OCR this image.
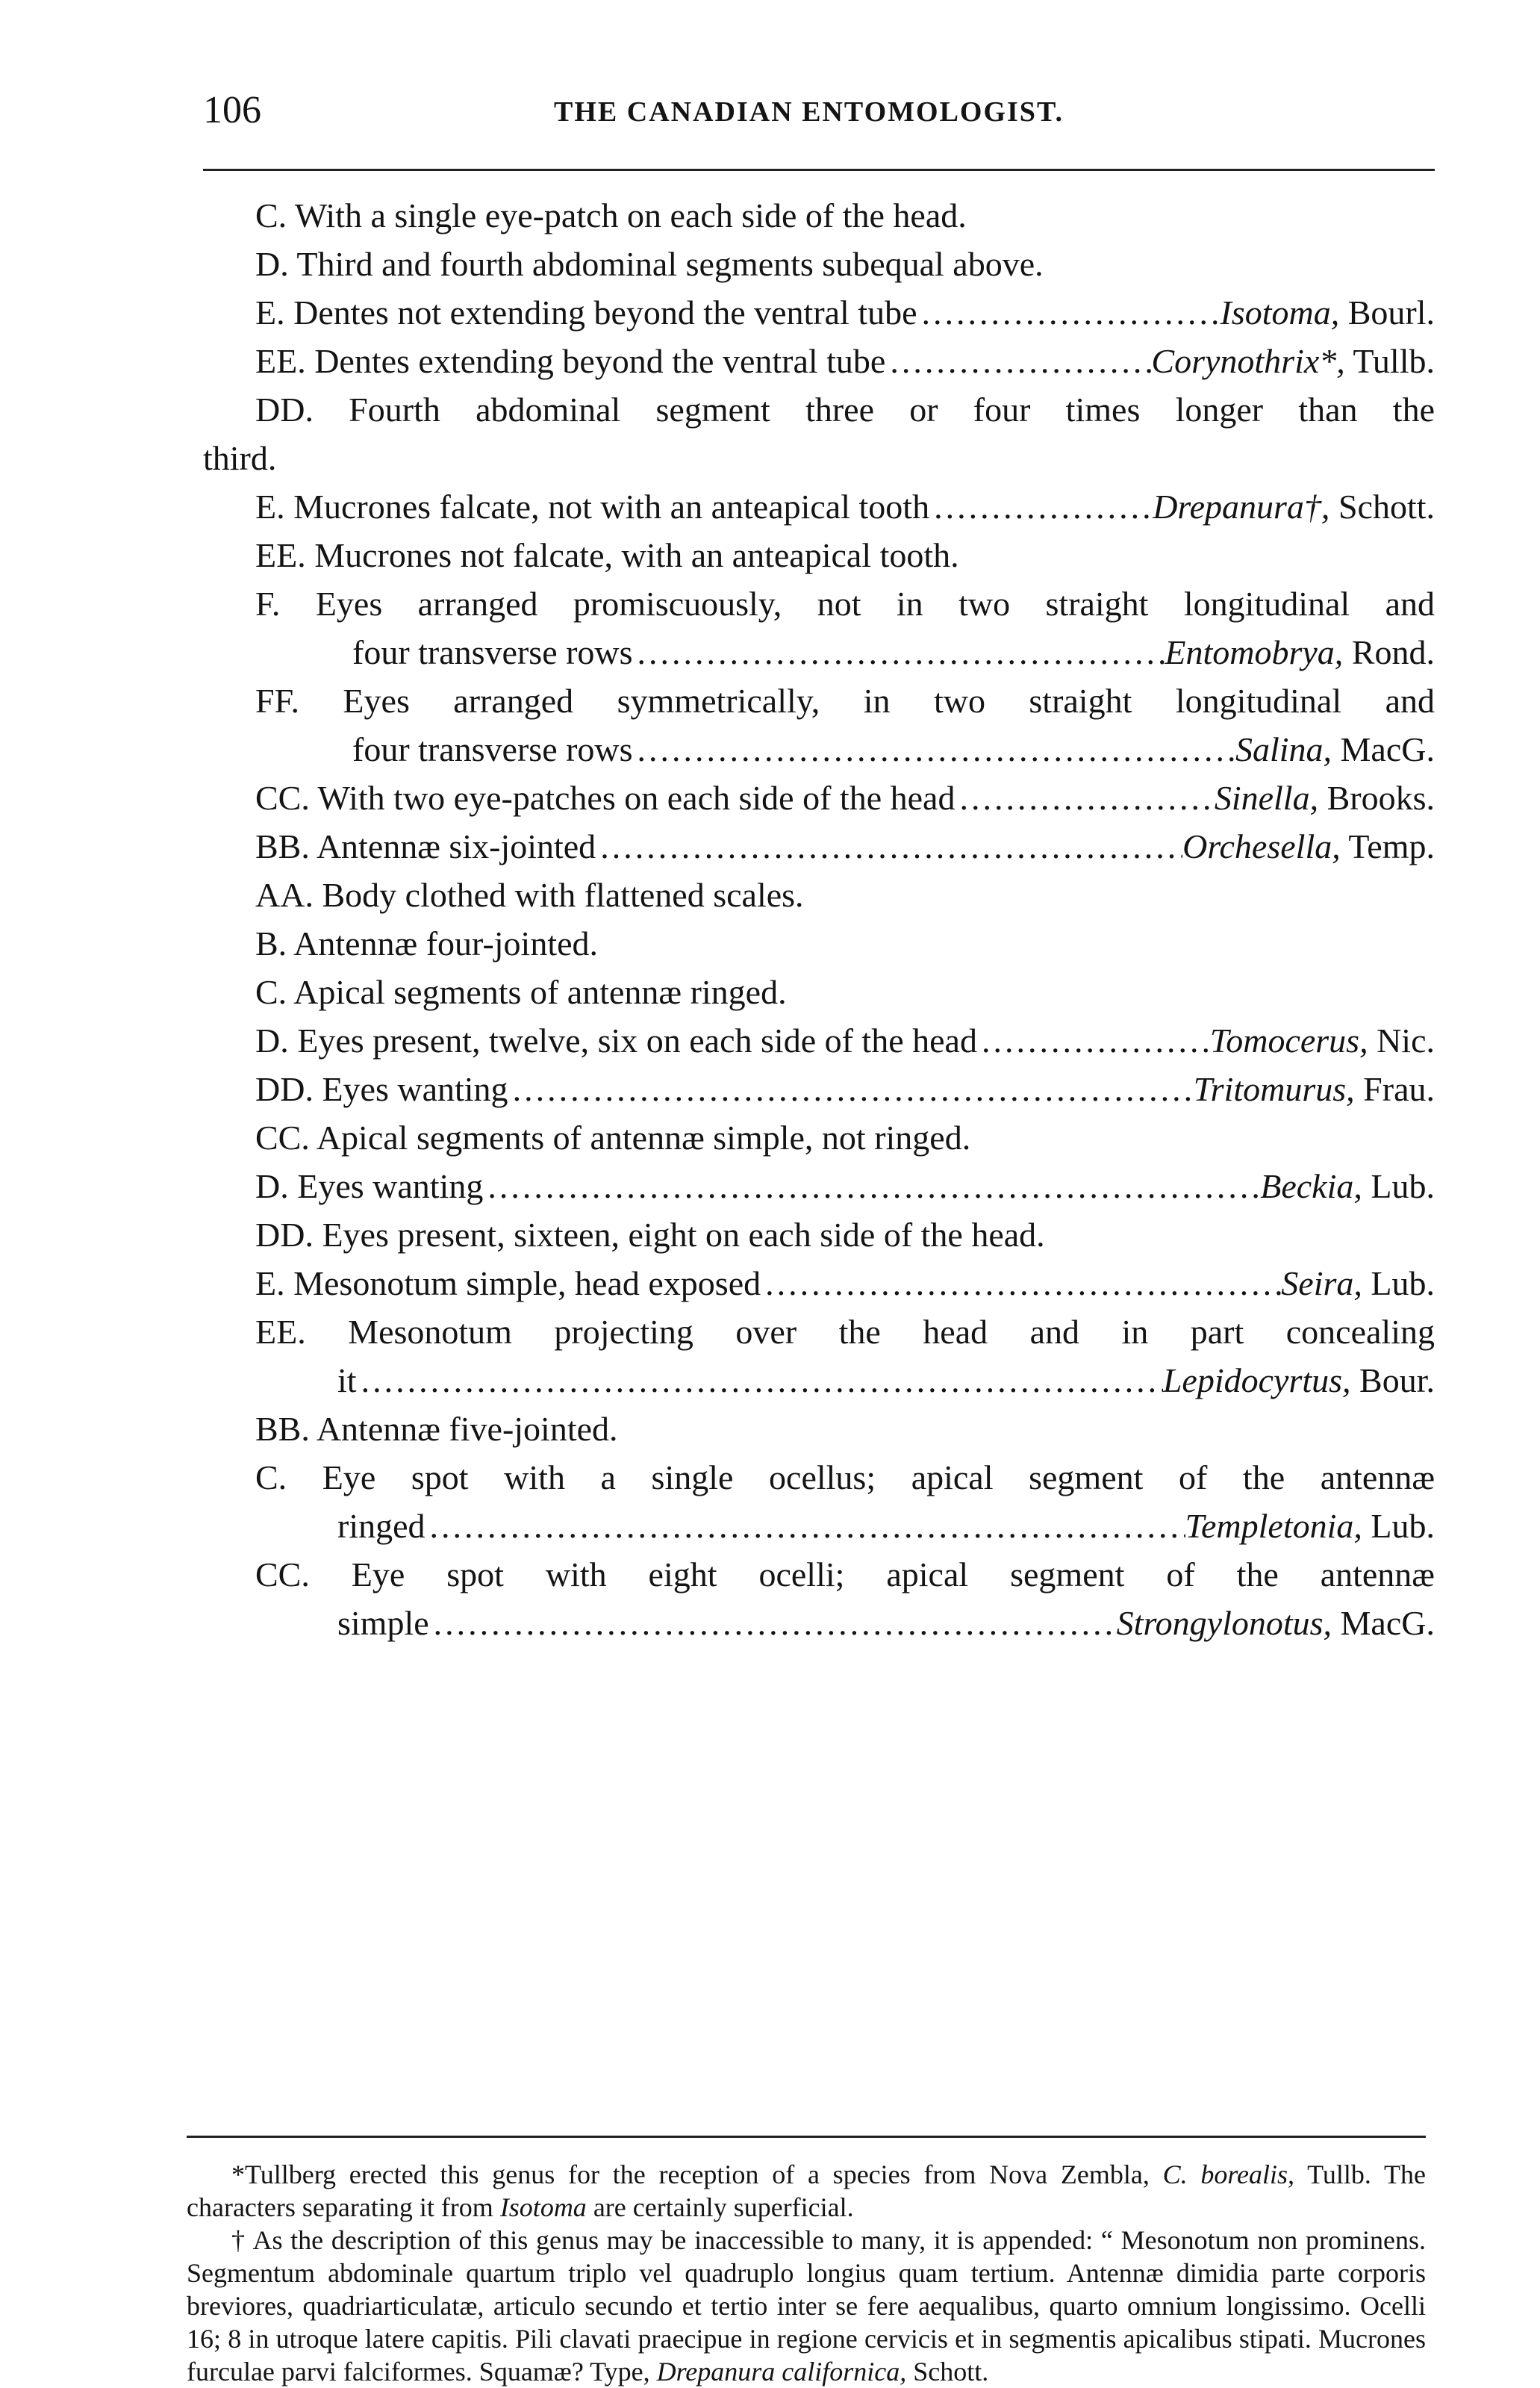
106	THE CANADIAN ENTOMOLOGIST.
C. With a single eye-patch on each side of the head.
D. Third and fourth abdominal segments subequal above.
E. Dentes not extending beyond the ventral tube .....	Isotoma, Bourl.
EE. Dentes extending beyond the ventral tube .....	Corynothrix*, Tullb.
DD. Fourth abdominal segment three or four times longer than the
third.
E. Mucrones falcate, not with an anteapical tooth .....	Drepanura†, Schott.
EE. Mucrones not falcate, with an anteapical tooth.
F. Eyes arranged promiscuously, not in two straight longitudinal and
four transverse rows .....	Entomobrya, Rond.
FF. Eyes arranged symmetrically, in two straight longitudinal and
four transverse rows .....	Salina, MacG.
CC. With two eye-patches on each side of the head .....	Sinella, Brooks.
BB. Antennæ six-jointed .....	Orchesella, Temp.
AA. Body clothed with flattened scales.
B. Antennæ four-jointed.
C. Apical segments of antennæ ringed.
D. Eyes present, twelve, six on each side of the head .....	Tomocerus, Nic.
DD. Eyes wanting .....	Tritomurus, Frau.
CC. Apical segments of antennæ simple, not ringed.
D. Eyes wanting .....	Beckia, Lub.
DD. Eyes present, sixteen, eight on each side of the head.
E. Mesonotum simple, head exposed .....	Seira, Lub.
EE. Mesonotum projecting over the head and in part concealing
it .....	Lepidocyrtus, Bour.
BB. Antennæ five-jointed.
C. Eye spot with a single ocellus; apical segment of the antennæ
ringed .....	Templetonia, Lub.
CC. Eye spot with eight ocelli; apical segment of the antennæ
simple .....	Strongylonotus, MacG.

*Tullberg erected this genus for the reception of a species from Nova Zembla, C. borealis, Tullb. The characters separating it from Isotoma are certainly superficial.

† As the description of this genus may be inaccessible to many, it is appended: “ Mesonotum non prominens. Segmentum abdominale quartum triplo vel quadruplo longius quam tertium. Antennæ dimidia parte corporis breviores, quadriarticulatæ, articulo secundo et tertio inter se fere aequalibus, quarto omnium longissimo. Ocelli 16; 8 in utroque latere capitis. Pili clavati praecipue in regione cervicis et in segmentis apicalibus stipati. Mucrones furculae parvi falciformes. Squamæ? Type, Drepanura californica, Schott.
